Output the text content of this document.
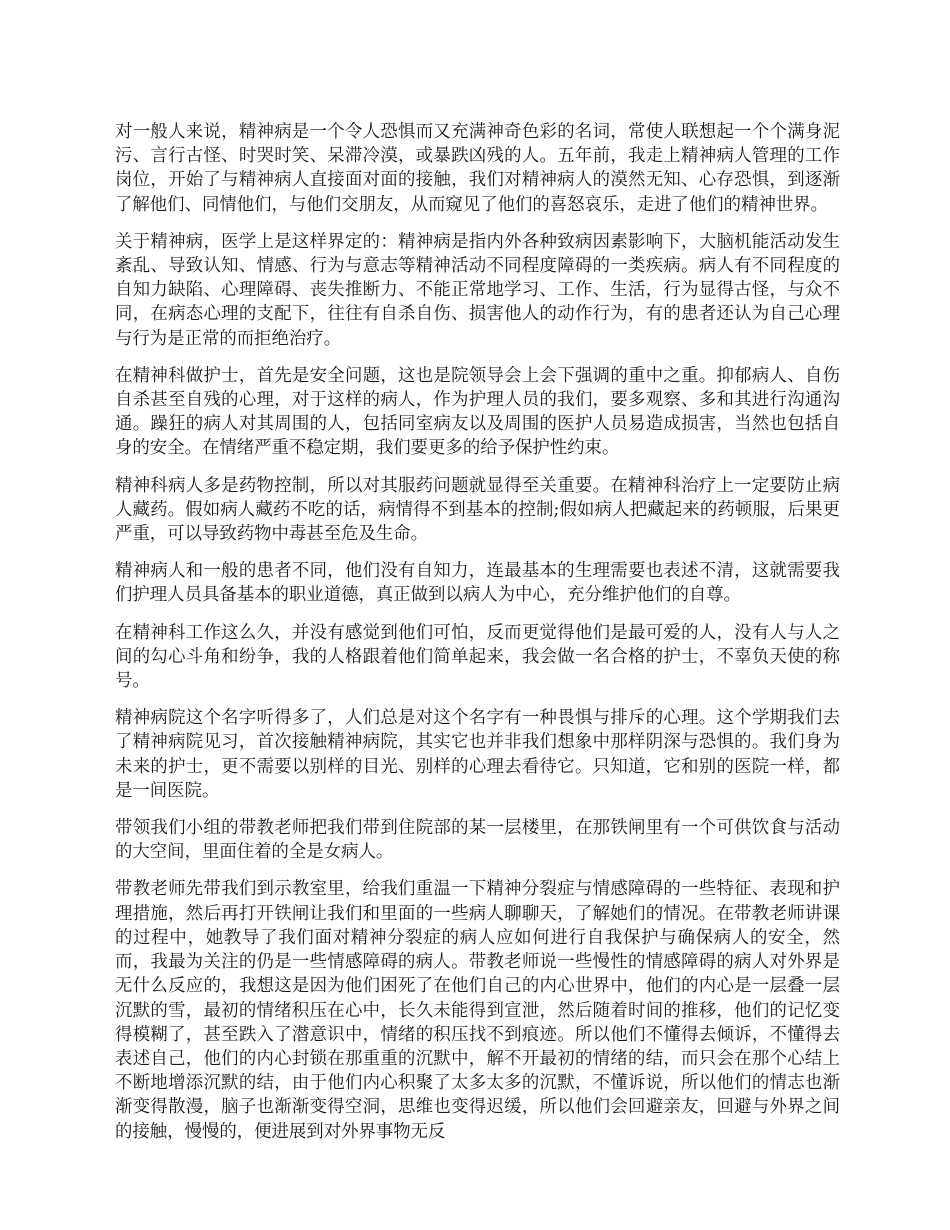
对一般人来说，精神病是一个令人恐惧而又充满神奇色彩的名词，常使人联想起一个个满身泥污、言行古怪、时哭时笑、呆滞冷漠，或暴跌凶残的人。五年前，我走上精神病人管理的工作岗位，开始了与精神病人直接面对面的接触，我们对精神病人的漠然无知、心存恐惧，到逐渐了解他们、同情他们，与他们交朋友，从而窥见了他们的喜怒哀乐，走进了他们的精神世界。

关于精神病，医学上是这样界定的：精神病是指内外各种致病因素影响下，大脑机能活动发生紊乱、导致认知、情感、行为与意志等精神活动不同程度障碍的一类疾病。病人有不同程度的自知力缺陷、心理障碍、丧失推断力、不能正常地学习、工作、生活，行为显得古怪，与众不同，在病态心理的支配下，往往有自杀自伤、损害他人的动作行为，有的患者还认为自己心理与行为是正常的而拒绝治疗。

在精神科做护士，首先是安全问题，这也是院领导会上会下强调的重中之重。抑郁病人、自伤自杀甚至自残的心理，对于这样的病人，作为护理人员的我们，要多观察、多和其进行沟通沟通。躁狂的病人对其周围的人，包括同室病友以及周围的医护人员易造成损害，当然也包括自身的安全。在情绪严重不稳定期，我们要更多的给予保护性约束。

精神科病人多是药物控制，所以对其服药问题就显得至关重要。在精神科治疗上一定要防止病人藏药。假如病人藏药不吃的话，病情得不到基本的控制;假如病人把藏起来的药顿服，后果更严重，可以导致药物中毒甚至危及生命。

精神病人和一般的患者不同，他们没有自知力，连最基本的生理需要也表述不清，这就需要我们护理人员具备基本的职业道德，真正做到以病人为中心，充分维护他们的自尊。

在精神科工作这么久，并没有感觉到他们可怕，反而更觉得他们是最可爱的人，没有人与人之间的勾心斗角和纷争，我的人格跟着他们简单起来，我会做一名合格的护士，不辜负天使的称号。

精神病院这个名字听得多了，人们总是对这个名字有一种畏惧与排斥的心理。这个学期我们去了精神病院见习，首次接触精神病院，其实它也并非我们想象中那样阴深与恐惧的。我们身为未来的护士，更不需要以别样的目光、别样的心理去看待它。只知道，它和别的医院一样，都是一间医院。

带领我们小组的带教老师把我们带到住院部的某一层楼里，在那铁闸里有一个可供饮食与活动的大空间，里面住着的全是女病人。

带教老师先带我们到示教室里，给我们重温一下精神分裂症与情感障碍的一些特征、表现和护理措施，然后再打开铁闸让我们和里面的一些病人聊聊天，了解她们的情况。在带教老师讲课的过程中，她教导了我们面对精神分裂症的病人应如何进行自我保护与确保病人的安全，然而，我最为关注的仍是一些情感障碍的病人。带教老师说一些慢性的情感障碍的病人对外界是无什么反应的，我想这是因为他们困死了在他们自己的内心世界中，他们的内心是一层叠一层沉默的雪，最初的情绪积压在心中，长久未能得到宣泄，然后随着时间的推移，他们的记忆变得模糊了，甚至跌入了潜意识中，情绪的积压找不到痕迹。所以他们不懂得去倾诉，不懂得去表述自己，他们的内心封锁在那重重的沉默中，解不开最初的情绪的结，而只会在那个心结上不断地增添沉默的结，由于他们内心积聚了太多太多的沉默，不懂诉说，所以他们的情志也渐渐变得散漫，脑子也渐渐变得空洞，思维也变得迟缓，所以他们会回避亲友，回避与外界之间的接触，慢慢的，便进展到对外界事物无反
